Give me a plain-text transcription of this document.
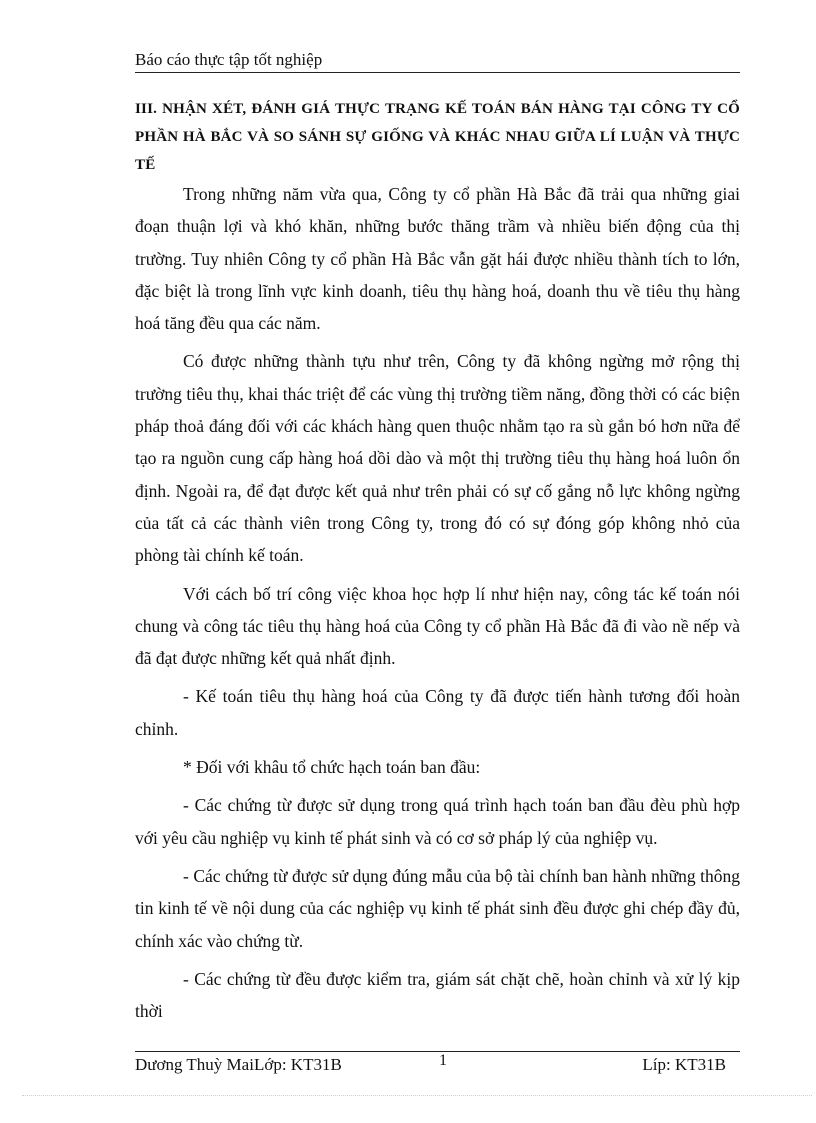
Báo cáo thực tập tốt nghiệp
III. NHẬN XÉT, ĐÁNH GIÁ THỰC TRẠNG KẾ TOÁN BÁN HÀNG TẠI CÔNG TY CỔ PHẦN HÀ BẮC VÀ SO SÁNH SỰ GIỐNG VÀ KHÁC NHAU GIỮA LÍ LUẬN VÀ THỰC TẾ

Trong những năm vừa qua, Công ty cổ phần Hà Bắc đã trải qua những giai đoạn thuận lợi và khó khăn, những bước thăng trầm và nhiều biến động của thị trường. Tuy nhiên Công ty cổ phần Hà Bắc vẫn gặt hái được nhiều thành tích to lớn, đặc biệt là trong lĩnh vực kinh doanh, tiêu thụ hàng hoá, doanh thu về tiêu thụ hàng hoá tăng đều qua các năm.

Có được những thành tựu như trên, Công ty đã không ngừng mở rộng thị trường tiêu thụ, khai thác triệt để các vùng thị trường tiềm năng, đồng thời có các biện pháp thoả đáng đối với các khách hàng quen thuộc nhằm tạo ra sù gắn bó hơn nữa để tạo ra nguồn cung cấp hàng hoá dồi dào và một thị trường tiêu thụ hàng hoá luôn ổn định. Ngoài ra, để đạt được kết quả như trên phải có sự cố gắng nỗ lực không ngừng của tất cả các thành viên trong Công ty, trong đó có sự đóng góp không nhỏ của phòng tài chính kế toán.

Với cách bố trí công việc khoa học hợp lí như hiện nay, công tác kế toán nói chung và công tác tiêu thụ hàng hoá của Công ty cổ phần Hà Bắc đã đi vào nề nếp và đã đạt được những kết quả nhất định.

- Kế toán tiêu thụ hàng hoá của Công ty đã được tiến hành tương đối hoàn chỉnh.

* Đối với khâu tổ chức hạch toán ban đầu:

- Các chứng từ được sử dụng trong quá trình hạch toán ban đầu đèu phù hợp với yêu cầu nghiệp vụ kinh tế phát sinh và có cơ sở pháp lý của nghiệp vụ.

- Các chứng từ được sử dụng đúng mẫu của bộ tài chính ban hành những thông tin kinh tế về nội dung của các nghiệp vụ kinh tế phát sinh đều được ghi chép đầy đủ, chính xác vào chứng từ.

- Các chứng từ đều được kiểm tra, giám sát chặt chẽ, hoàn chỉnh và xử lý kịp thời

Dương Thuỳ MaiLớp: KT31B	1	Líp: KT31B
